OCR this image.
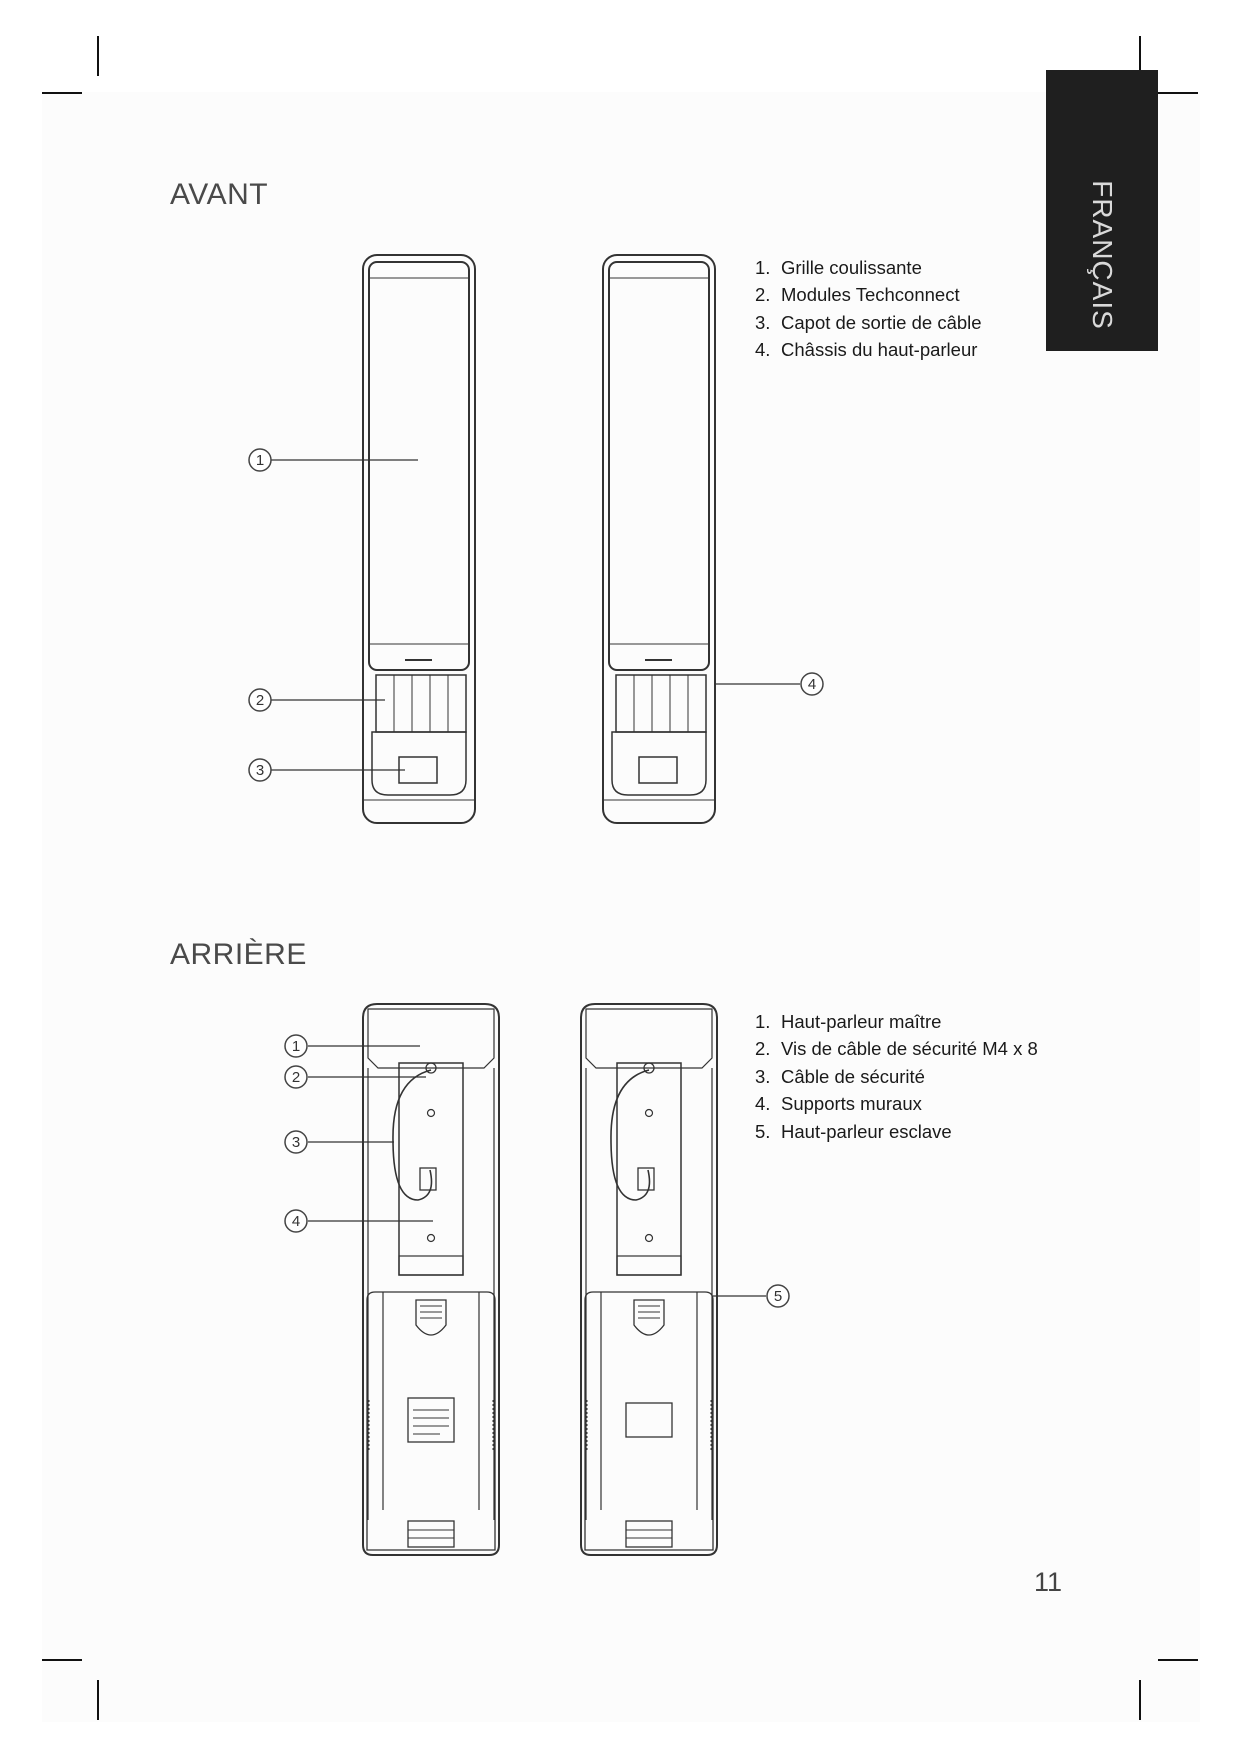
FRANÇAIS
AVANT
1. Grille coulissante
2. Modules Techconnect
3. Capot de sortie de câble
4. Châssis du haut-parleur
1
2
3
4
ARRIÈRE
1. Haut-parleur maître
2. Vis de câble de sécurité M4 x 8
3. Câble de sécurité
4. Supports muraux
5. Haut-parleur esclave
1
2
3
4
5
11
